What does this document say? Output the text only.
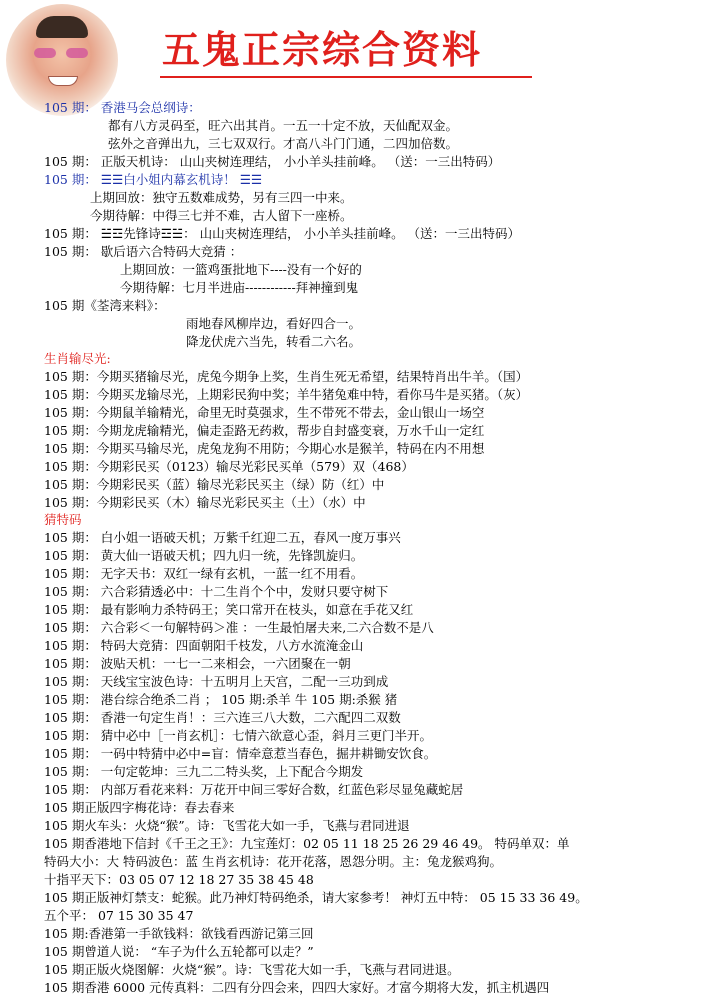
五鬼正宗综合资料
105 期： 香港马会总纲诗：
都有八方灵码至，旺六出其肖。一五一十定不放，天仙配双金。
弦外之音弹出九，三七双双行。才高八斗门门通，二四加倍数。
105 期： 正版天机诗： 山山夹树连理结， 小小羊头挂前峰。 （送：一三出特码）
105 期： ☰☰白小姐内幕玄机诗！ ☰☰
上期回放：独守五数难成势，另有三四一中来。
今期待解：中得三七并不难，古人留下一座桥。
105 期： ☱☲先锋诗☲☱： 山山夹树连理结， 小小羊头挂前峰。 （送：一三出特码）
105 期： 歇后语六合特码大竞猜 ：
上期回放：一篮鸡蛋批地下----没有一个好的
今期待解：七月半进庙------------拜神撞到鬼
105 期《荃湾来料》：
雨地春风柳岸边，看好四合一。
降龙伏虎六当先，转看二六名。
生肖输尽光:
105 期：今期买猪输尽光，虎兔今期争上奖，生肖生死无希望，结果特肖出牛羊。（国）
105 期：今期买龙输尽光，上期彩民狗中奖；羊牛猪兔难中特，看你马牛是买猪。（灰）
105 期：今期鼠羊输精光，命里无时莫强求，生不带死不带去，金山银山一场空
105 期：今期龙虎输精光，偏走歪路无药救，帮步自封盛变衰，万水千山一定红
105 期：今期买马输尽光，虎兔龙狗不用防；今期心水是猴羊，特码在内不用想
105 期：今期彩民买（0123）输尽光彩民买单（579）双（468）
105 期：今期彩民买（蓝）输尽光彩民买主（绿）防（红）中
105 期：今期彩民买（木）输尽光彩民买主（土）（水）中
猜特码
105 期： 白小姐一语破天机；万紫千红迎二五，春风一度万事兴
105 期： 黄大仙一语破天机；四九归一统，先锋凯旋归。
105 期： 无字天书：双红一绿有玄机，一蓝一红不用看。
105 期： 六合彩猜透必中：十二生肖个个中，发财只要守树下
105 期： 最有影响力杀特码王；笑口常开在枝头，如意在手花又红
105 期： 六合彩＜一句解特码＞准 ：一生最怕屠夫来,二六合数不是八
105 期： 特码大竞猜：四面朝阳千枝发，八方水流淹金山
105 期： 波贴天机：一七一二来相会，一六团聚在一朝
105 期： 天线宝宝波色诗：十五明月上天宫，二配一三功到成
105 期： 港台综合绝杀二肖 ； 105 期:杀羊 牛 105 期:杀猴 猪
105 期： 香港一句定生肖！：三六连三八大数，二六配四二双数
105 期： 猜中必中［一肖玄机］：七情六欲意心歪，斜月三更门半开。
105 期： 一码中特猜中必中=盲：情牵意惹当春色，掘井耕锄安饮食。
105 期： 一句定乾坤：三九二二特头奖，上下配合今期发
105 期： 内部万看花来料：万花开中间三零好合数，红蓝色彩尽显兔藏蛇居
105 期正版四字梅花诗：春去春来
105 期火车头：火烧“猴”。诗：飞雪花大如一手，飞燕与君同进退
105 期香港地下信封《千王之王》：九宝莲灯：02 05 11 18 25 26 29 46 49。 特码单双：单
特码大小：大 特码波色：蓝 生肖玄机诗：花开花落，恩怨分明。主：兔龙猴鸡狗。
十指平天下：03 05 07 12 18 27 35 38 45 48
105 期正版神灯禁支：蛇猴。此乃神灯特码绝杀，请大家参考！ 神灯五中特： 05 15 33 36 49。
五个平： 07 15 30 35 47
105 期:香港第一手欲钱料：欲钱看西游记第三回
105 期曾道人说： “车子为什么五轮都可以走？”
105 期正版火烧图解：火烧“猴”。诗：飞雪花大如一手，飞燕与君同进退。
105 期香港 6000 元传真料：二四有分四会来，四四大家好。才富今期将大发，抓主机遇四
